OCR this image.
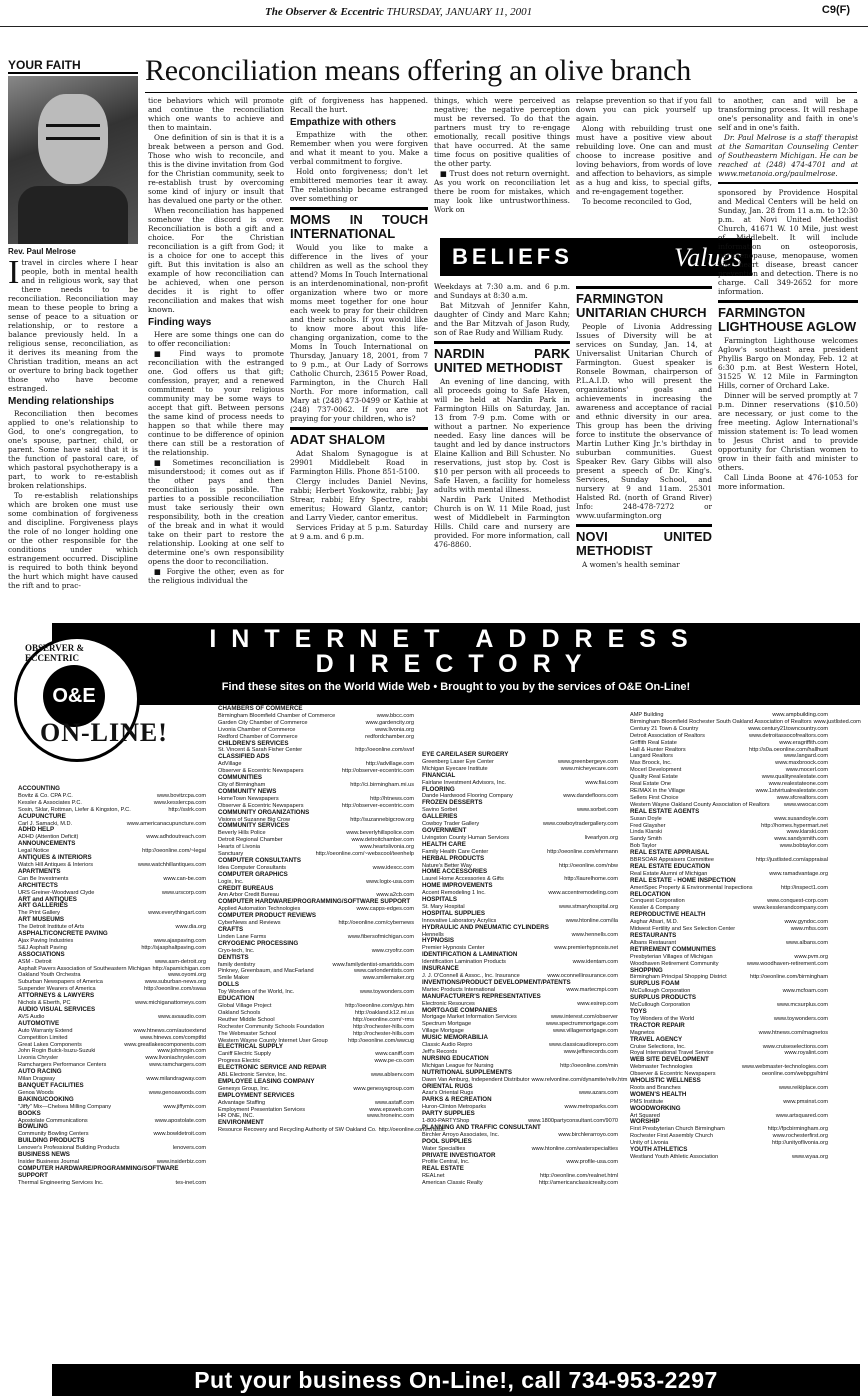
The Observer & Eccentric THURSDAY, JANUARY 11, 2001	C9(F)
YOUR FAITH
Rev. Paul Melrose
Reconciliation means offering an olive branch
I travel in circles where I hear people, both in mental health and in religious work, say that there needs to be reconciliation. Reconciliation may mean to these people to bring a sense of peace to a situation or relationship, or to restore a balance previously held. In a religious sense, reconciliation, as it derives its meaning from the Christian tradition, means an act or overture to bring back together those who have become estranged.

Mending relationships

Reconciliation then becomes applied to one's relationship to God, to one's congregation, to one's spouse, partner, child, or parent. Some have said that it is the function of pastoral care, of which pastoral psychotherapy is a part, to work to re-establish broken relationships.

To re-establish relationships which are broken one must use some combination of forgiveness and discipline. Forgiveness plays the role of no longer holding one or the other responsible for the conditions under which estrangement occurred. Discipline is required to both think beyond the hurt which might have caused the rift and to prac-

tice behaviors which will promote and continue the reconciliation which one wants to achieve and then to maintain.

One definition of sin is that it is a break between a person and God. Those who wish to reconcile, and this is the divine invitation from God for the Christian community, seek to re-establish trust by overcoming some kind of injury or insult that has devalued one party or the other.

When reconciliation has happened somehow the discord is over. Reconciliation is both a gift and a choice. For the Christian reconciliation is a gift from God; it is a choice for one to accept this gift. But this invitation is also an example of how reconciliation can be achieved, when one person decides it is right to offer reconciliation and makes that wish known.

Finding ways

Here are some things one can do to offer reconciliation:

■ Find ways to promote reconciliation with the estranged one. God offers us that gift; confession, prayer, and a renewed commitment to your religious community may be some ways to accept that gift. Between persons the same kind of process needs to happen so that while there may continue to be difference of opinion there can still be a restoration of the relationship.

■ Sometimes reconciliation is misunderstood; it comes out as if the other pays and then reconciliation is possible. The parties to a possible reconciliation must take seriously their own responsibility, both in the creation of the break and in what it would take on their part to restore the relationship. Looking at one self to determine one's own responsibility opens the door to reconciliation.

■ Forgive the other, even as for the religious individual the

gift of forgiveness has happened. Recall the hurt.

Empathize with others

Empathize with the other. Remember when you were forgiven and what it meant to you. Make a verbal commitment to forgive.

Hold onto forgiveness; don't let embittered memories tear it away. The relationship became estranged over something or

MOMS IN TOUCH INTERNATIONAL

Would you like to make a difference in the lives of your children as well as the school they attend? Moms In Touch International is an interdenominational, non-profit organization where two or more moms meet together for one hour each week to pray for their children and their schools. If you would like to know more about this life-changing organization, come to the Moms In Touch International on Thursday, January 18, 2001, from 7 to 9 p.m., at Our Lady of Sorrows Catholic Church, 23615 Power Road, Farmington, in the Church Hall North. For more information, call Mary at (248) 473-0499 or Kathie at (248) 737-0062. If you are not praying for your children, who is?

ADAT SHALOM

Adat Shalom Synagogue is at 29901 Middlebelt Road in Farmington Hills. Phone 851-5100.

Clergy includes Daniel Nevins, rabbi; Herbert Yoskowitz, rabbi; Jay Strear, rabbi; Efry Spectre, rabbi emeritus; Howard Glantz, cantor; and Larry Vieder, cantor emeritus.

Services Friday at 5 p.m. Saturday at 9 a.m. and 6 p.m.

things, which were perceived as negative; the negative perception must be reversed. To do that the partners must try to re-engage emotionally, recall positive things that have occurred. At the same time focus on positive qualities of the other party.

■ Trust does not return overnight. As you work on reconciliation let there be room for mistakes, which may look like untrustworthiness. Work on

BELIEFS	Values

Weekdays at 7:30 a.m. and 6 p.m. and Sundays at 8:30 a.m.

Bat Mitzvah of Jennifer Kahn, daughter of Cindy and Marc Kahn; and the Bar Mitzvah of Jason Rudy, son of Rae Rudy and William Rudy.

NARDIN PARK UNITED METHODIST

An evening of line dancing, with all proceeds going to Safe Haven, will be held at Nardin Park in Farmington Hills on Saturday, Jan. 13 from 7-9 p.m. Come with or without a partner. No experience needed. Easy line dances will be taught and led by dance instructors Elaine Kallion and Bill Schuster. No reservations, just stop by. Cost is $10 per person with all proceeds to Safe Haven, a facility for homeless adults with mental illness.

Nardin Park United Methodist Church is on W. 11 Mile Road, just west of Middlebelt in Farmington Hills. Child care and nursery are provided. For more information, call 476-8860.

relapse prevention so that if you fall down you can pick yourself up again.

Along with rebuilding trust one must have a positive view about rebuilding love. One can and must choose to increase positive and loving behaviors, from words of love and affection to behaviors, as simple as a hug and kiss, to special gifts, and re-engagement together.

To become reconciled to God,

FARMINGTON UNITARIAN CHURCH

People of Livonia Addressing Issues of Diversity will be at services on Sunday, Jan. 14, at Universalist Unitarian Church of Farmington. Guest speaker is Ronsele Bowman, chairperson of P.L.A.I.D. who will present the organizations' goals and achievements in increasing the awareness and acceptance of racial and ethnic diversity in our area. This group has been the driving force to institute the observance of Martin Luther King Jr.'s birthday in suburban communities. Guest Speaker Rev. Gary Gibbs will also present a speech of Dr. King's. Services, Sunday School, and nursery at 9 and 11am. 25301 Halsted Rd. (north of Grand River) Info: 248-478-7272 or www.uufarmington.org

NOVI UNITED METHODIST

A women's health seminar

to another, can and will be a transforming process. It will reshape one's personality and faith in one's self and in one's faith.

Dr. Paul Melrose is a staff therapist at the Samaritan Counseling Center of Southeastern Michigan. He can be reached at (248) 474-4701 and at www.metanoia.org/paulmelrose.

sponsored by Providence Hospital and Medical Centers will be held on Sunday, Jan. 28 from 11 a.m. to 12:30 p.m. at Novi United Methodist Church, 41671 W. 10 Mile, just west of Middlebelt. It will include information on osteoporosis, perimenopause, menopause, women and heart disease, breast cancer prevention and detection. There is no charge. Call 349-2652 for more information.

FARMINGTON LIGHTHOUSE AGLOW

Farmington Lighthouse welcomes Aglow's southeast area president Phyllis Bargo on Monday, Feb. 12 at 6:30 p.m. at Best Western Hotel, 31525 W. 12 Mile in Farmington Hills, corner of Orchard Lake.

Dinner will be served promptly at 7 p.m. Dinner reservations ($10.50) are necessary, or just come to the free meeting. Aglow International's mission statement is: To lead women to Jesus Christ and to provide opportunity for Christian women to grow in their faith and minister to others.

Call Linda Boone at 476-1053 for more information.

INTERNET ADDRESS
DIRECTORY
Find these sites on the World Wide Web • Brought to you by the services of O&E On-Line!
OBSERVER & ECCENTRIC
O&E
ON-LINE!
ACCOUNTING
Bovitz & Co. CPA P.C.	www.bovitzcpa.com
Kessler & Associates P.C.	www.kesslercpa.com
Sosin, Sklar, Rottman, Liefer & Kingston, P.C.	http://sslrk.com
ACUPUNCTURE
Carl J. Samacki, M.D.	www.americanacupuncture.com
ADHD HELP
ADHD (Attention Deficit)	www.adhdoutreach.com
ANNOUNCEMENTS
Legal Notice	http://oeonline.com/~legal
ANTIQUES & INTERIORS
Watch Hill Antiques & Interiors	www.watchhillantiques.com
APARTMENTS
Can Be Investments	www.can-be.com
ARCHITECTS
URS Greiner-Woodward Clyde	www.urscorp.com
ART and ANTIQUES
ART GALLERIES
The Print Gallery	www.everythingart.com
ART MUSEUMS
The Detroit Institute of Arts	www.dia.org
ASPHALT/CONCRETE PAVING
Ajax Paving Industries	www.ajaxpaving.com
S&J Asphalt Paving	http://sjasphaltpaving.com
ASSOCIATIONS
ASM - Detroit	www.asm-detroit.org
Asphalt Pavers Association of Southeastern Michigan http://apamichigan.com
Oakland Youth Orchestra	www.oyomi.org
Suburban Newspapers of America	www.suburban-news.org
Suspender Wearers of America	http://oeonline.com/swaa
ATTORNEYS & LAWYERS
Nichols & Eberth, PC	www.michiganattorneys.com
AUDIO VISUAL SERVICES
AVS Audio	www.avsaudio.com
AUTOMOTIVE
Auto Warranty Extend	www.htnews.com/autoextend
Competition Limited	www.htnews.com/comptltd
Great Lakes Components	www.greatlakescomponents.com
John Rogin Buick-Isuzu-Suzuki	www.johnrogin.com
Livonia Chrysler	www.livoniachrysler.com
Ramchargers Performance Centers	www.ramchargers.com
AUTO RACING
Milan Dragway	www.milandragway.com
BANQUET FACILITIES
Genoa Woods	www.genoawoods.com
BAKING/COOKING
"Jiffy" Mix—Chelsea Milling Company	www.jiffymix.com
BOOKS
Apostolate Communications	www.apostolate.com
BOWLING
Community Bowling Centers	www.bowldetroit.com
BUILDING PRODUCTS
Lenover's Professional Building Products	lenovers.com
BUSINESS NEWS
Insider Business Journal	www.insiderbiz.com
COMPUTER HARDWARE/PROGRAMMING/SOFTWARE SUPPORT
Thermal Engineering Services Inc.	tes-inet.com
CHAMBERS OF COMMERCE
Birmingham Bloomfield Chamber of Commerce	www.bbcc.com
Garden City Chamber of Commerce	www.gardencity.org
Livonia Chamber of Commerce	www.livonia.org
Redford Chamber of Commerce	redfordchamber.org
CHILDREN'S SERVICES
St. Vincent & Sarah Fisher Center	http://oeonline.com/svsf
CLASSIFIED ADS
AdVillage	http://advillage.com
Observer & Eccentric Newspapers	http://observer-eccentric.com
COMMUNITIES
City of Birmingham	http://ci.birmingham.mi.us
COMMUNITY NEWS
HomeTown Newspapers	http://htnews.com
Observer & Eccentric Newspapers	http://observer-eccentric.com
COMMUNITY ORGANIZATIONS
Visions of Suzanne Big Crow	http://suzannebigcrow.org
COMMUNITY SERVICES
Beverly Hills Police	www.beverlyhillspolice.com
Detroit Regional Chamber	www.detroitchamber.com
Hearts of Livonia	www.heartslivonia.org
Sanctuary	http://oeonline.com/~webscool/teenhelp
COMPUTER CONSULTANTS
Idea Computer Consultants	www.idexcc.com
COMPUTER GRAPHICS
Logix, Inc.	www.logix-usa.com
CREDIT BUREAUS
Ann Arbor Credit Bureau	www.a2cb.com
COMPUTER HARDWARE/PROGRAMMING/SOFTWARE SUPPORT
Applied Automation Technologies	www.capps-edges.com
COMPUTER PRODUCT REVIEWS
CyberNews and Reviews	http://oeonline.com/cybernews
CRAFTS
Linden Lane Farms	www.fibersofmichigan.com
CRYOGENIC PROCESSING
Cryo-tech, Inc.	www.cryofrz.com
DENTISTS
family dentistry	www.familydentist-smartdds.com
Pinkney, Greenbaum, and MacFarland	www.carlondentists.com
Smile Maker	www.smilemaker.org
DOLLS
Toy Wonders of the World, Inc.	www.toywonders.com
EDUCATION
Global Village Project	http://oeonline.com/gvp.htm
Oakland Schools	http://oakland.k12.mi.us
Reuther Middle School	http://oeonline.com/~rms
Rochester Community Schools Foundation	http://rochester-hills.com
The Webmaster School	http://rochester-hills.com
Western Wayne County Internet User Group	http://oeonline.com/wwcug
ELECTRICAL SUPPLY
Caniff Electric Supply	www.caniff.com
Progress Electric	www.pe-co.com
ELECTRONIC SERVICE AND REPAIR
ABL Electronic Service, Inc.	www.ablserv.com
EMPLOYEE LEASING COMPANY
Genesys Group, Inc.	www.genesysgroup.com
EMPLOYMENT SERVICES
Advantage Staffing	www.astaff.com
Employment Presentation Services	www.epsweb.com
HR ONE, INC.	www.hroneinc.com
ENVIRONMENT
Resource Recovery and Recycling Authority of SW Oakland Co. http://oeonline.com/rrrasoc
EYE CARE/LASER SURGERY
Greenberg Laser Eye Center	www.greenbergeye.com
Michigan Eyecare Institute	www.micheyecare.com
FINANCIAL
Fairlane Investment Advisors, Inc.	www.fiai.com
FLOORING
Dande Hardwood Flooring Company	www.dandefloors.com
FROZEN DESSERTS
Savino Sorbet	www.sorbet.com
GALLERIES
Cowboy Trader Gallery	www.cowboytradergallery.com
GOVERNMENT
Livingston County Human Services	livearlyon.org
HEALTH CARE
Family Health Care Center	http://oeonline.com/ehrmann
HERBAL PRODUCTS
Nature's Better Way	http://oeonline.com/nbw
HOME ACCESSORIES
Laurel Home Accessories & Gifts	http://laurelhome.com
HOME IMPROVEMENTS
Accent Remodeling 1 Inc.	www.accentremodeling.com
HOSPITALS
St. Mary Hospital	www.stmaryhospital.org
HOSPITAL SUPPLIES
Innovative Laboratory Acrylics	www.htonline.com/ila
HYDRAULIC AND PNEUMATIC CYLINDERS
Hennells	www.hennells.com
HYPNOSIS
Premier Hypnosis Center	www.premierhypnosis.net
IDENTIFICATION & LAMINATION
Identification Lamination Products	www.identam.com
INSURANCE
J. J. O'Connell & Assoc., Inc. Insurance	www.oconnellinsurance.com
INVENTIONS/PRODUCT DEVELOPMENT/PATENTS
Martec Products International	www.martecmpi.com
MANUFACTURER'S REPRESENTATIVES
Electronic Resources	www.esirep.com
MORTGAGE COMPANIES
Mortgage Market Information Services	www.interest.com/observer
Spectrum Mortgage	www.spectrummortgage.com
Village Mortgage	www.villagemortgage.com
MUSIC MEMORABILIA
Classic Audio Repro	www.classicaudiorepro.com
Jeff's Records	www.jeffsrecords.com
NURSING EDUCATION
Michigan League for Nursing	http://oeonline.com/min
NUTRITIONAL SUPPLEMENTS
Dawn Van Amburg, Independent Distributor www.relvonline.com/dynamite/reliv.htm
ORIENTAL RUGS
Azar's Oriental Rugs	www.azars.com
PARKS & RECREATION
Huron-Clinton Metroparks	www.metroparks.com
PARTY SUPPLIES
1-800-PARTYShop	www.1800partyconsultant.com/9070
PLANNING AND TRAFFIC CONSULTANT
Birchler Arroyo Associates, Inc.	www.birchlerarroyo.com
POOL SUPPLIES
Water Specialties	www.htonline.com/waterspecialties
PRIVATE INVESTIGATOR
Profile Central, Inc.	www.profile-usa.com
REAL ESTATE
REALnet	http://oeonline.com/realnet.html
American Classic Realty	http://americanclassicrealty.com
AMP Building	www.ampbuilding.com
Birmingham Bloomfield Rochester South Oakland Association of Realtors www.justlisted.com
Century 21 Town & Country	www.century21towncountry.com
Detroit Association of Realtors	www.detroitassocofrealtors.com
Griffith Real Estate	www.eragriffith.com
Hall & Hunter Realtors	http://s0a.oeonline.com/hallhunt
Langard Realtors	www.langard.com
Max Broock, Inc.	www.maxbroock.com
Mocerl Development	www.mocerl.com
Quality Real Estate	www.qualityrealestate.com
Real Estate One	www.realestateone.com
RE/MAX in the Village	www.1stvirtualrealestate.com
Sellers First Choice	www.sfcrealtors.com
Western Wayne Oakland County Association of Realtors	www.wwocar.com
REAL ESTATE AGENTS
Susan Doyle	www.susandoyle.com
Fred Glaysher	http://homes.hypermart.net
Linda Klarski	www.klarski.com
Sandy Smith	www.sandysmith.com
Bob Taylor	www.bobtaylor.com
REAL ESTATE APPRAISAL
BBRSOAR Appraisers Committee	http://justlisted.com/appraisal
REAL ESTATE EDUCATION
Real Estate Alumni of Michigan	www.ramadvantage.org
REAL ESTATE - HOME INSPECTION
AmeriSpec Property & Environmental Inspections	http://inspect1.com
RELOCATION
Conquest Corporation	www.conquest-corp.com
Kessler & Company	www.kesslerandcompany.com
REPRODUCTIVE HEALTH
Asghar Afsari, M.D.	www.gyndoc.com
Midwest Fertility and Sex Selection Center	www.mfss.com
RESTAURANTS
Albans Restaurant	www.albans.com
RETIREMENT COMMUNITIES
Presbyterian Villages of Michigan	www.pvm.org
Woodhaven Retirement Community	www.woodhaven-retirement.com
SHOPPING
Birmingham Principal Shopping District	http://oeonline.com/birmingham
SURPLUS FOAM
McCullough Corporation	www.mcfoam.com
SURPLUS PRODUCTS
McCullough Corporation	www.mcsurplus.com
TOYS
Toy Wonders of the World	www.toywonders.com
TRACTOR REPAIR
Magnetos	www.htnews.com/magnetos
TRAVEL AGENCY
Cruise Selections, Inc.	www.cruiseselections.com
Royal International Travel Service	www.royalint.com
WEB SITE DEVELOPMENT
Webmaster Technologies	www.webmaster-technologies.com
Observer & Eccentric Newspapers	oeonline.com/webpgs/html
WHOLISTIC WELLNESS
Roots and Branches	www.reikiplace.com
WOMEN'S HEALTH
PMS Institute	www.pmsinst.com
WOODWORKING
Art Squared	www.artsquared.com
WORSHIP
First Presbyterian Church Birmingham	http://fpcbirmingham.org
Rochester First Assembly Church	www.rochesterfirst.org
Unity of Livonia	http://unityoflivonia.org
YOUTH ATHLETICS
Westland Youth Athletic Association	www.wyaa.org
Put your business On-Line!, call 734-953-2297
